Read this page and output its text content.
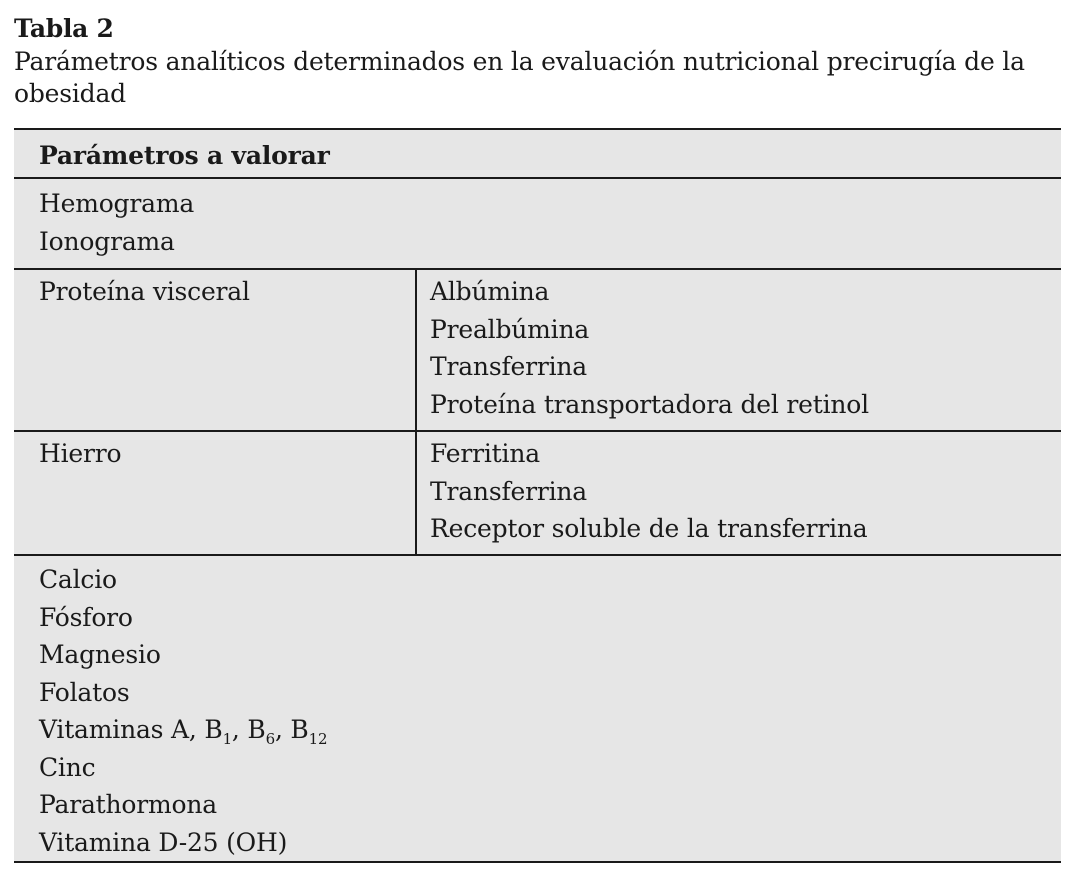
Tabla 2
Parámetros analíticos determinados en la evaluación nutricional precirugía de la obesidad
Parámetros a valorar
Hemograma
Ionograma
Proteína visceral	Albúmina
Prealbúmina
Transferrina
Proteína transportadora del retinol
Hierro	Ferritina
Transferrina
Receptor soluble de la transferrina
Calcio
Fósforo
Magnesio
Folatos
Vitaminas A, $B_1$, $B_6$, $B_{12}$
Cinc
Parathormona
Vitamina D-25 (OH)
